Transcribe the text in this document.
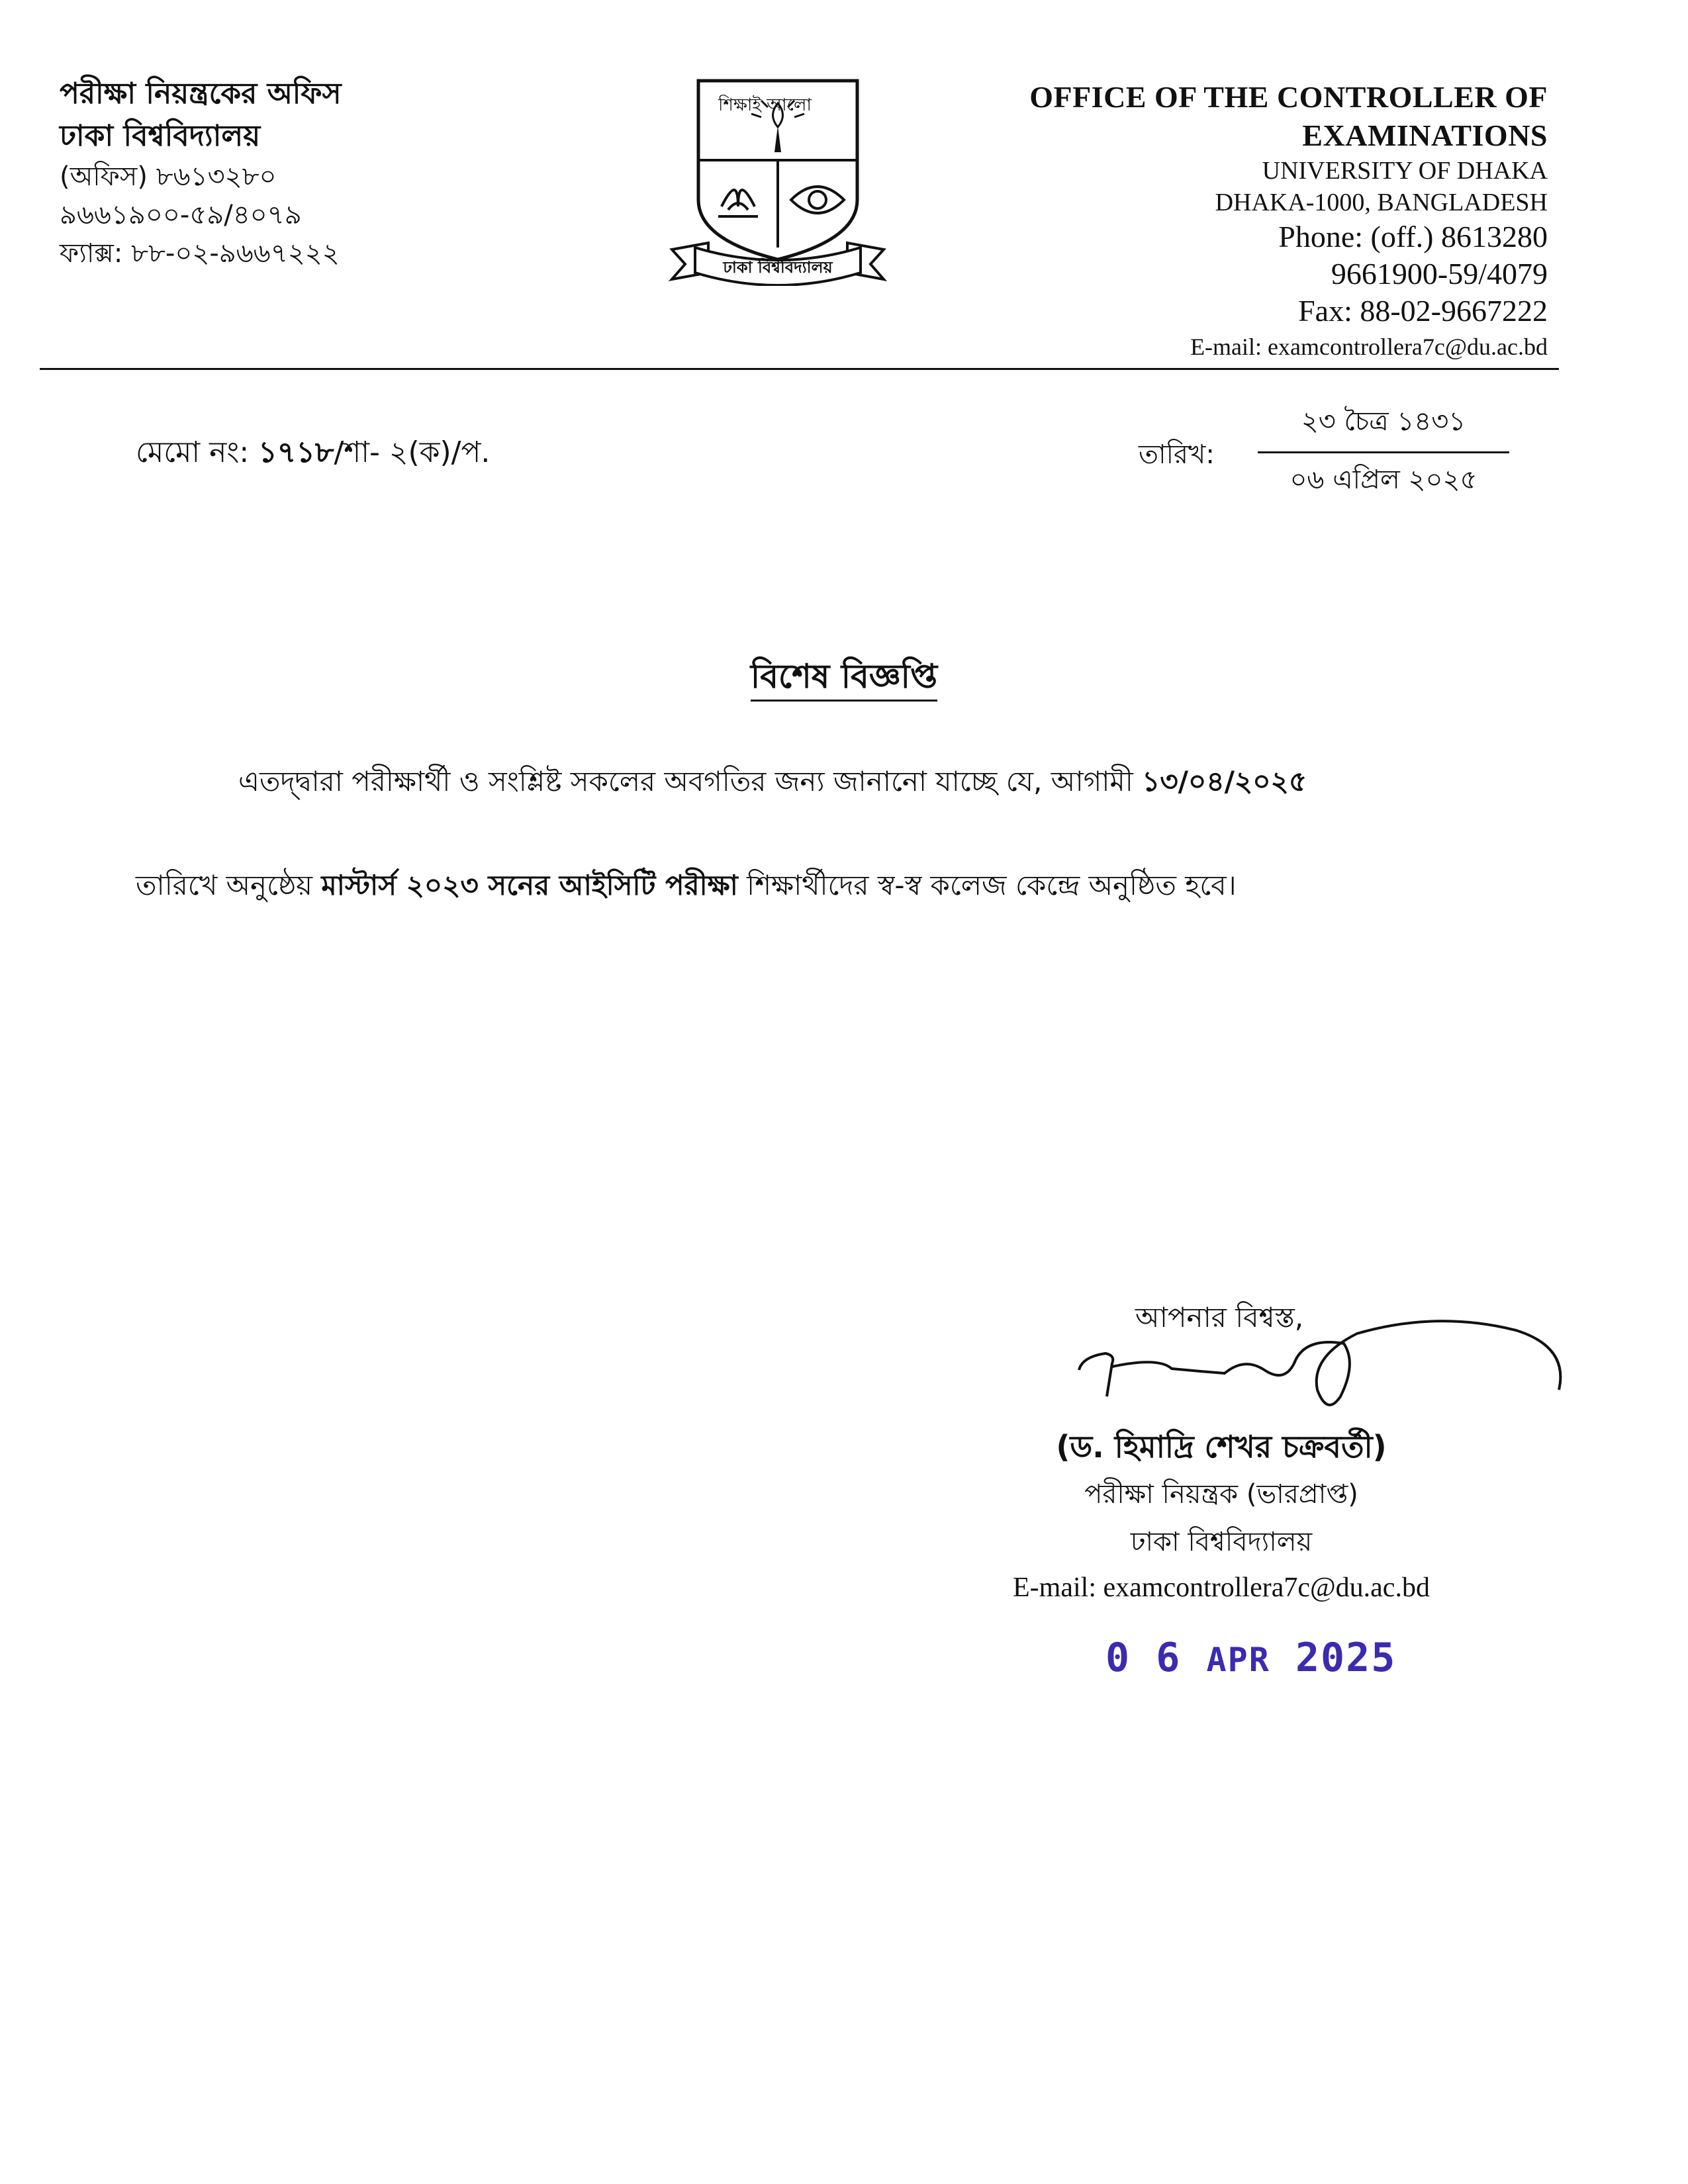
পরীক্ষা নিয়ন্ত্রকের অফিস
ঢাকা বিশ্ববিদ্যালয়
(অফিস) ৮৬১৩২৮০
৯৬৬১৯০০-৫৯/৪০৭৯
ফ্যাক্স: ৮৮-০২-৯৬৬৭২২২
শিক্ষাই আলো
ঢাকা বিশ্ববিদ্যালয়
OFFICE OF THE CONTROLLER OF
EXAMINATIONS
UNIVERSITY OF DHAKA
DHAKA-1000, BANGLADESH
Phone: (off.) 8613280
9661900-59/4079
Fax: 88-02-9667222
E-mail: examcontrollera7c@du.ac.bd
মেমো নং: ১৭১৮/শা- ২(ক)/প.	তারিখ:
২৩ চৈত্র ১৪৩১
০৬ এপ্রিল ২০২৫
বিশেষ বিজ্ঞপ্তি
এতদ্দ্বারা পরীক্ষার্থী ও সংশ্লিষ্ট সকলের অবগতির জন্য জানানো যাচ্ছে যে, আগামী ১৩/০৪/২০২৫
তারিখে অনুষ্ঠেয় মাস্টার্স ২০২৩ সনের আইসিটি পরীক্ষা শিক্ষার্থীদের স্ব-স্ব কলেজ কেন্দ্রে অনুষ্ঠিত হবে।
আপনার বিশ্বস্ত,
(ড. হিমাদ্রি শেখর চক্রবর্তী)
পরীক্ষা নিয়ন্ত্রক (ভারপ্রাপ্ত)
ঢাকা বিশ্ববিদ্যালয়
E-mail: examcontrollera7c@du.ac.bd
0 6 APR 2025
